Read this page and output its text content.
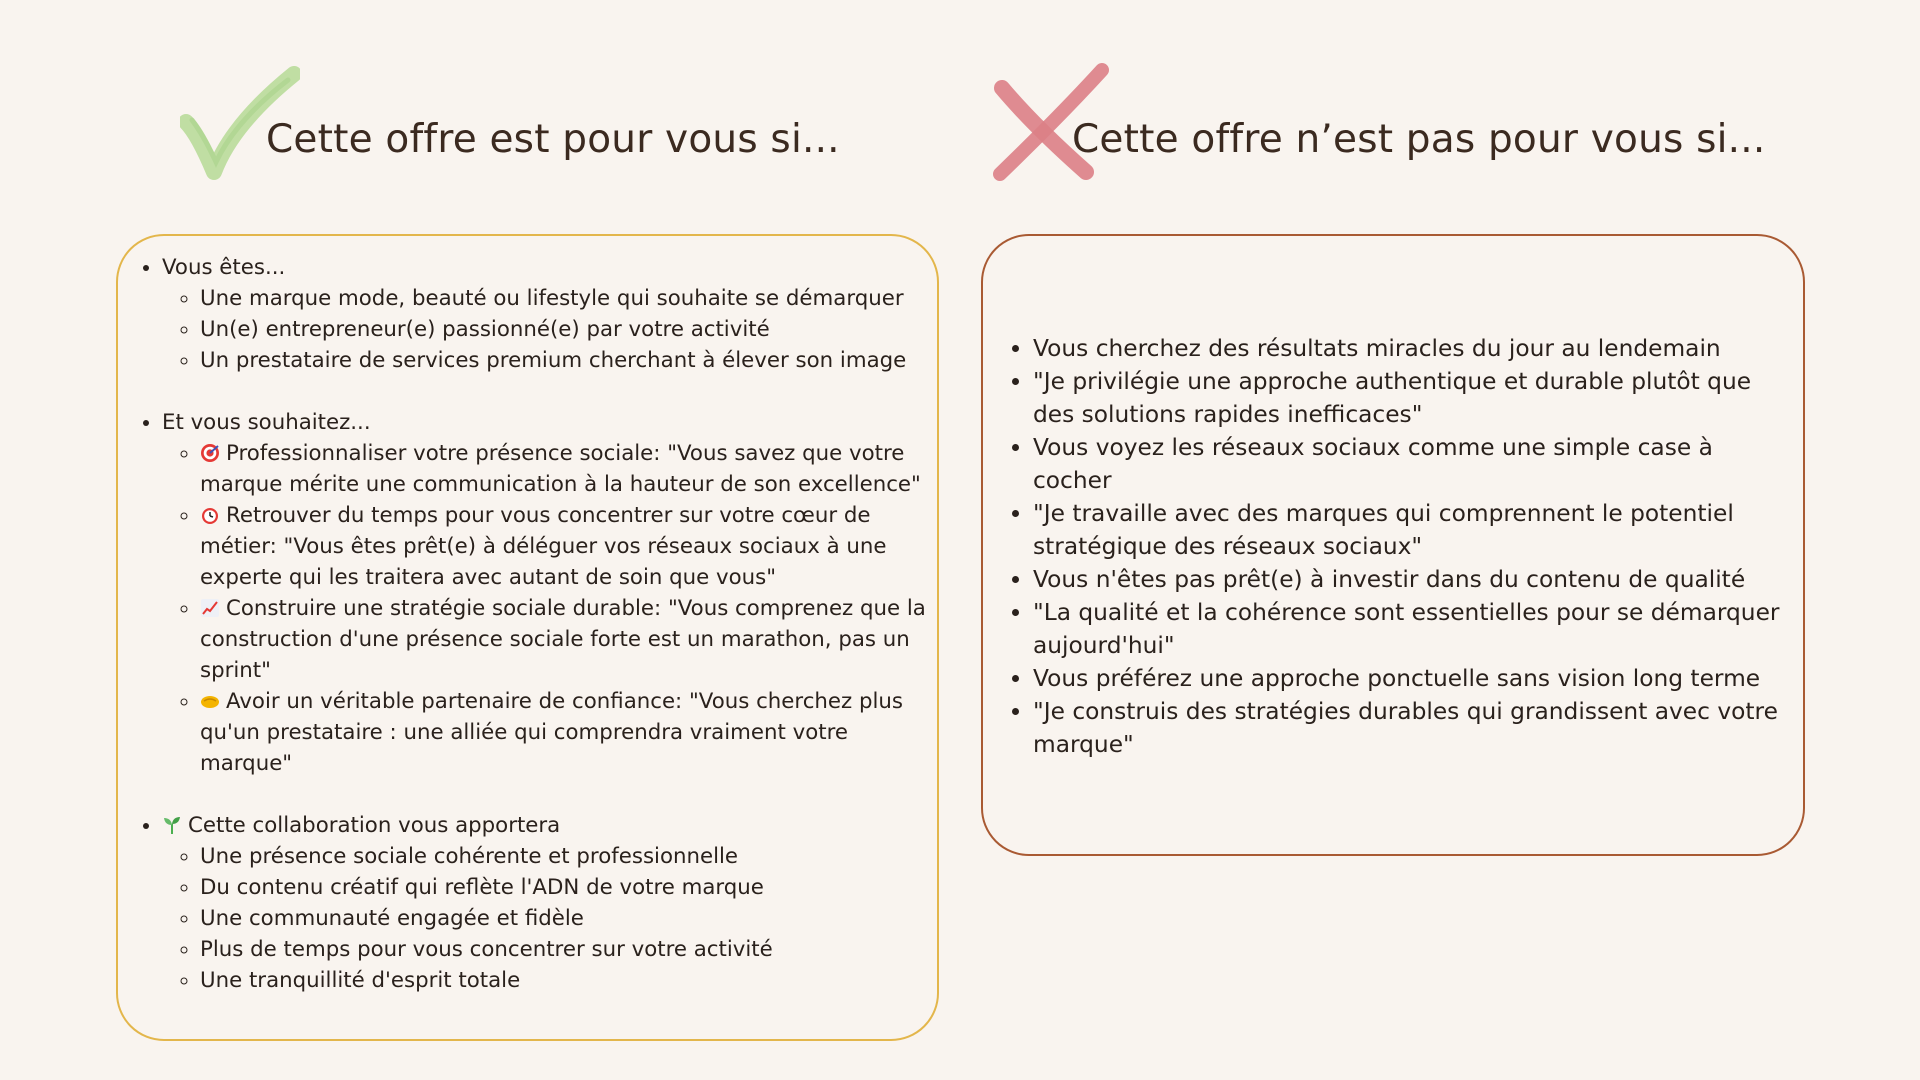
Cette offre est pour vous si...	Cette offre n’est pas pour vous si...
• Vous êtes...
◦ Une marque mode, beauté ou lifestyle qui souhaite se démarquer
◦ Un(e) entrepreneur(e) passionné(e) par votre activité
◦ Un prestataire de services premium cherchant à élever son image
• Et vous souhaitez...
◦ Professionnaliser votre présence sociale: "Vous savez que votre marque mérite une communication à la hauteur de son excellence"
◦ Retrouver du temps pour vous concentrer sur votre cœur de métier: "Vous êtes prêt(e) à déléguer vos réseaux sociaux à une experte qui les traitera avec autant de soin que vous"
◦ Construire une stratégie sociale durable: "Vous comprenez que la construction d'une présence sociale forte est un marathon, pas un sprint"
◦ Avoir un véritable partenaire de confiance: "Vous cherchez plus qu'un prestataire : une alliée qui comprendra vraiment votre marque"
• Cette collaboration vous apportera
◦ Une présence sociale cohérente et professionnelle
◦ Du contenu créatif qui reflète l'ADN de votre marque
◦ Une communauté engagée et fidèle
◦ Plus de temps pour vous concentrer sur votre activité
◦ Une tranquillité d'esprit totale
• Vous cherchez des résultats miracles du jour au lendemain
• "Je privilégie une approche authentique et durable plutôt que des solutions rapides inefficaces"
• Vous voyez les réseaux sociaux comme une simple case à cocher
• "Je travaille avec des marques qui comprennent le potentiel stratégique des réseaux sociaux"
• Vous n'êtes pas prêt(e) à investir dans du contenu de qualité
• "La qualité et la cohérence sont essentielles pour se démarquer aujourd'hui"
• Vous préférez une approche ponctuelle sans vision long terme
• "Je construis des stratégies durables qui grandissent avec votre marque"
